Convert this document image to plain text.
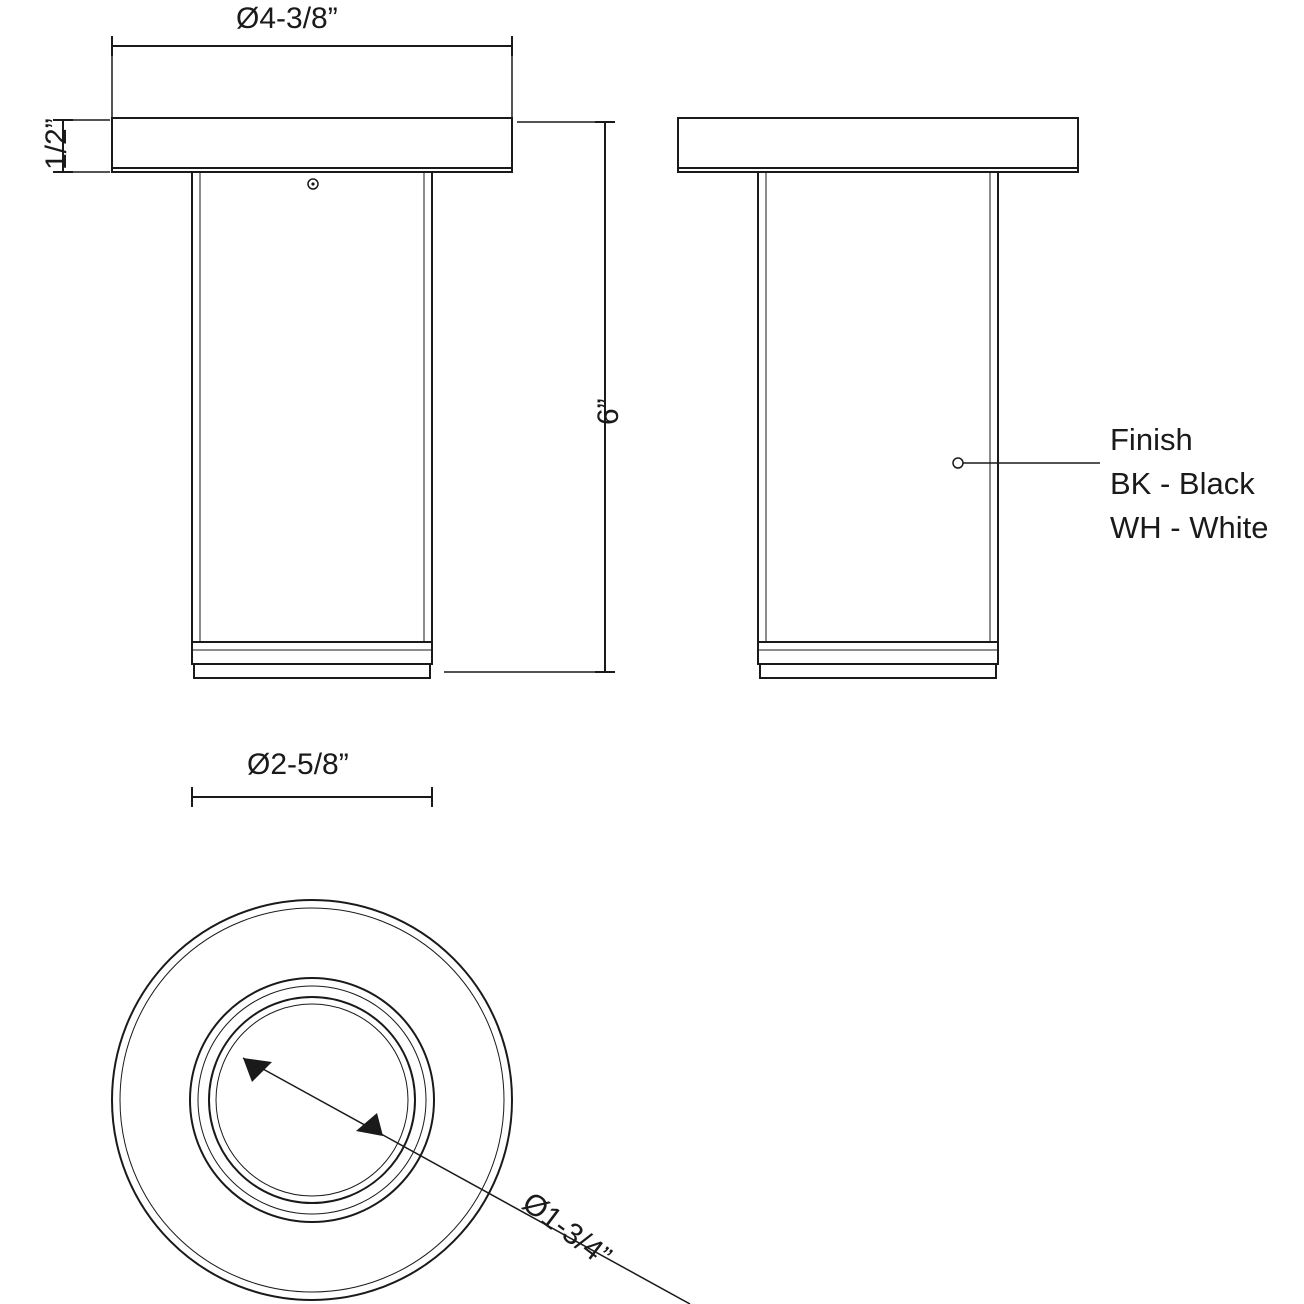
Ø4-3/8”
1/2”
6”
Ø2-5/8”
Ø1-3/4”
Finish
BK - Black
WH - White
